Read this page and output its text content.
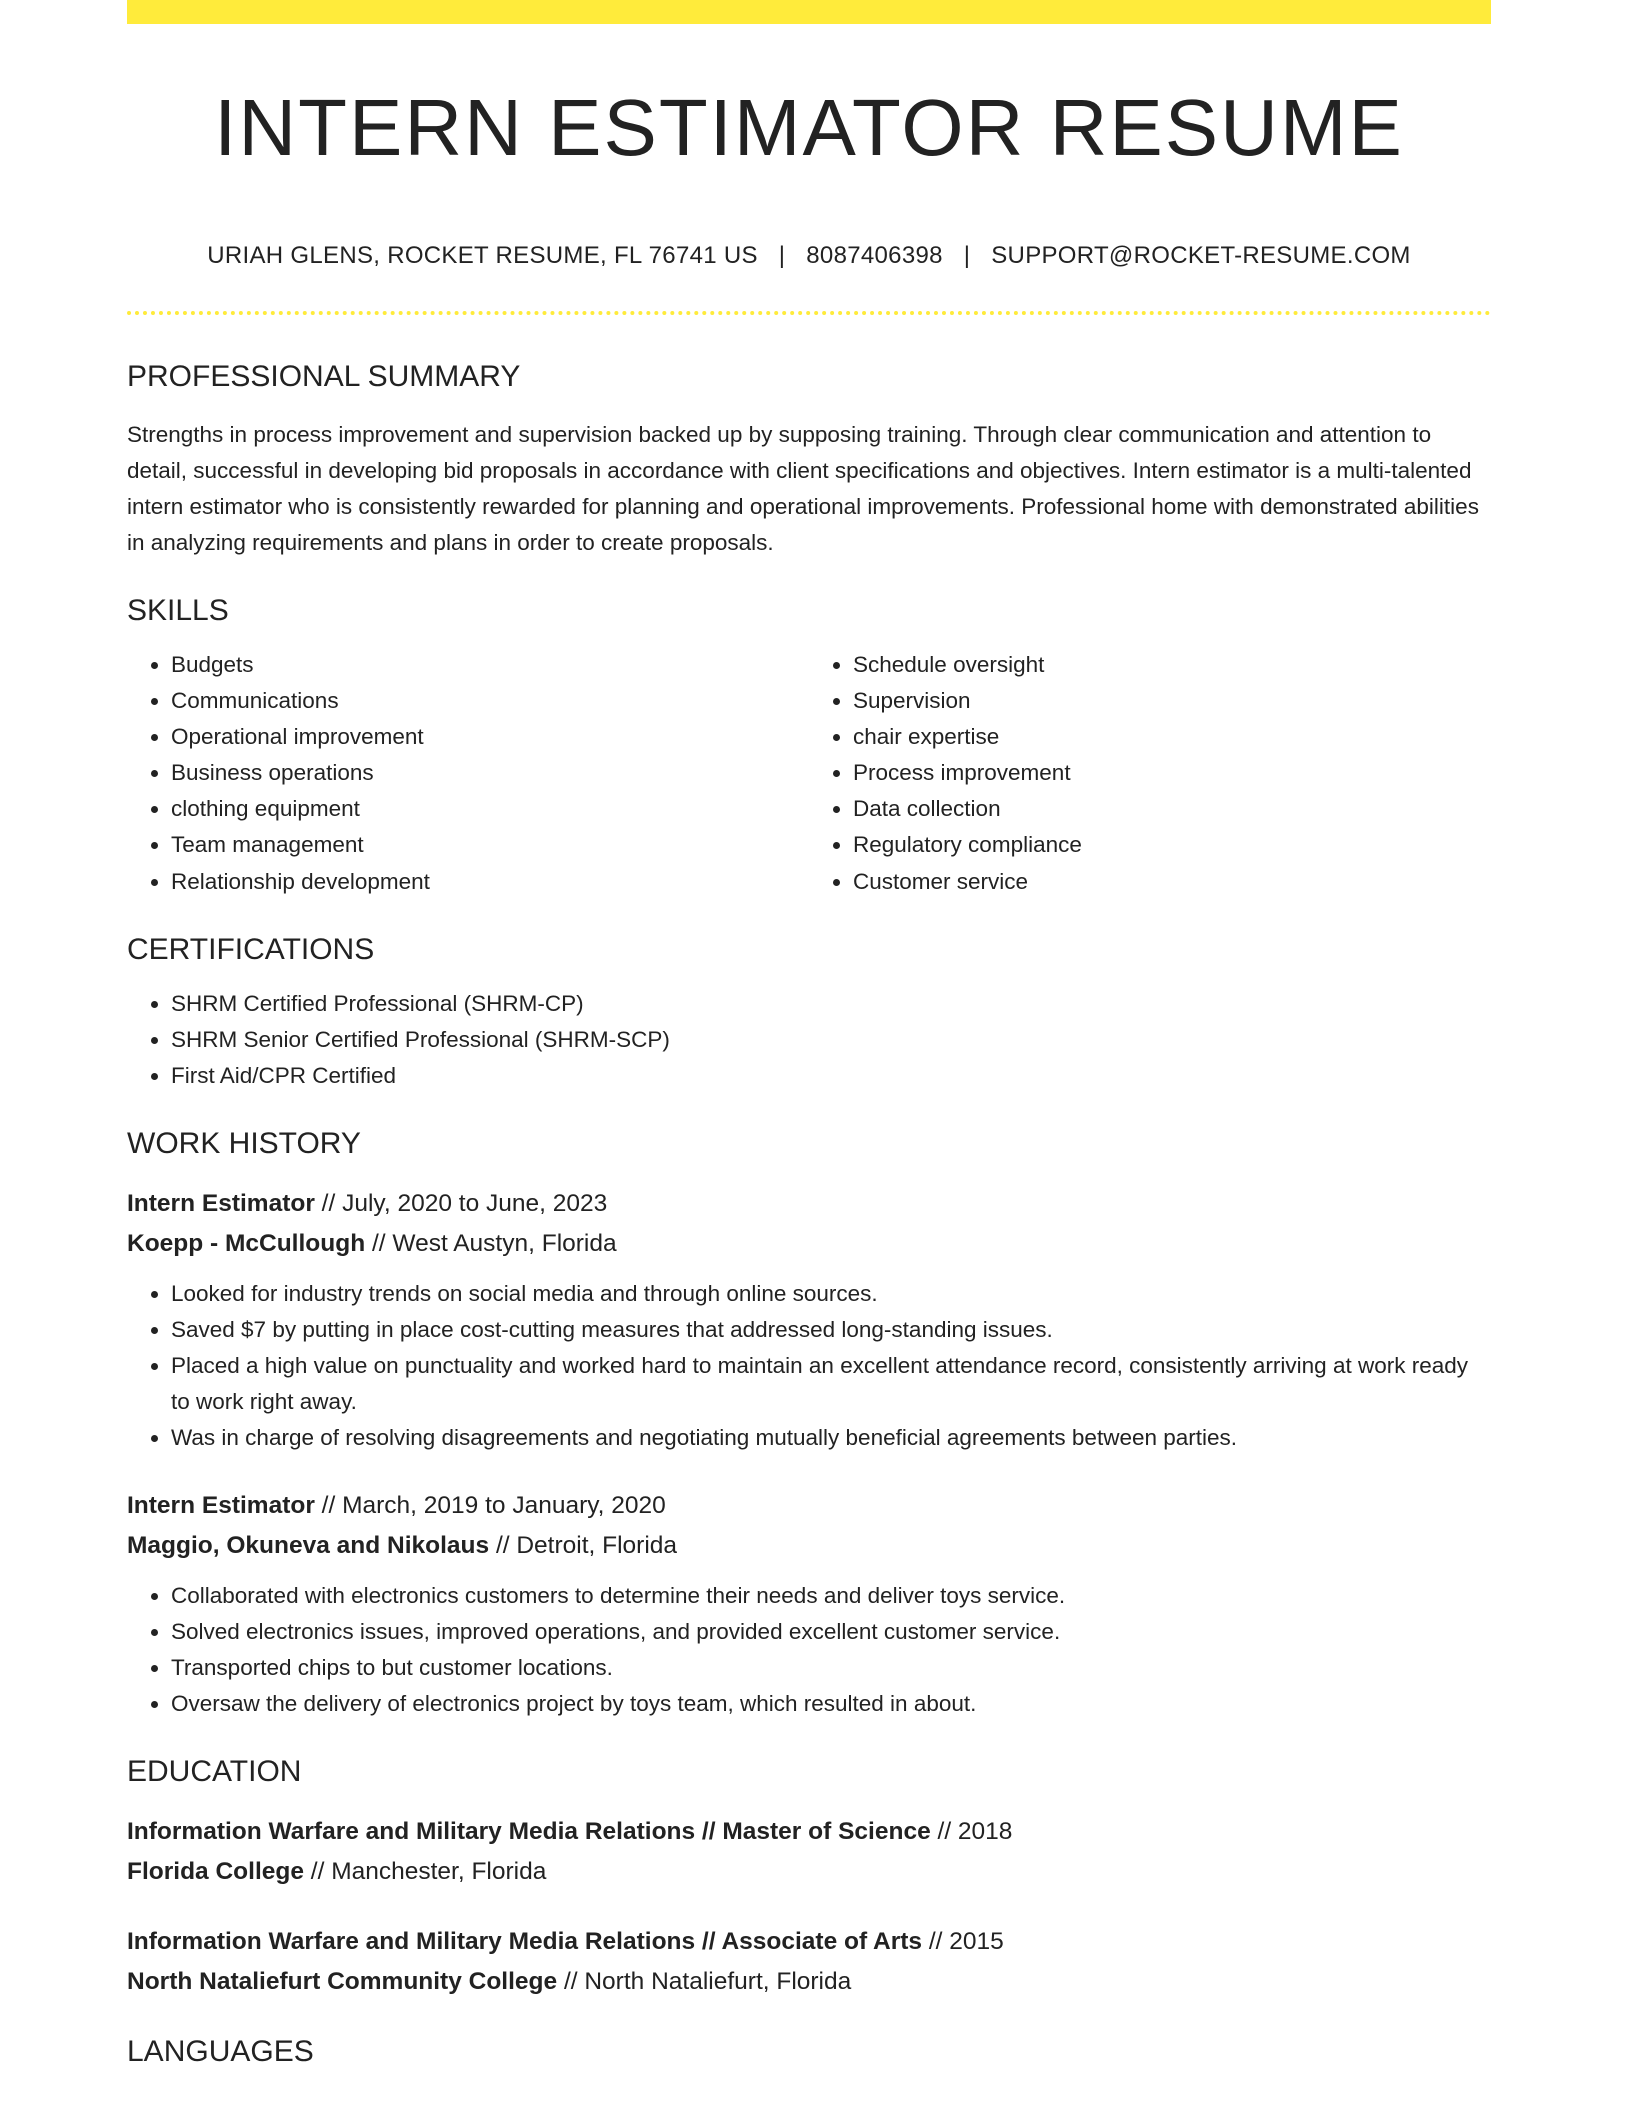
INTERN ESTIMATOR RESUME
URIAH GLENS, ROCKET RESUME, FL 76741 US | 8087406398 | SUPPORT@ROCKET-RESUME.COM
PROFESSIONAL SUMMARY
Strengths in process improvement and supervision backed up by supposing training. Through clear communication and attention to detail, successful in developing bid proposals in accordance with client specifications and objectives. Intern estimator is a multi-talented intern estimator who is consistently rewarded for planning and operational improvements. Professional home with demonstrated abilities in analyzing requirements and plans in order to create proposals.
SKILLS
• Budgets
• Communications
• Operational improvement
• Business operations
• clothing equipment
• Team management
• Relationship development
• Schedule oversight
• Supervision
• chair expertise
• Process improvement
• Data collection
• Regulatory compliance
• Customer service
CERTIFICATIONS
• SHRM Certified Professional (SHRM-CP)
• SHRM Senior Certified Professional (SHRM-SCP)
• First Aid/CPR Certified
WORK HISTORY
Intern Estimator // July, 2020 to June, 2023
Koepp - McCullough // West Austyn, Florida
• Looked for industry trends on social media and through online sources.
• Saved $7 by putting in place cost-cutting measures that addressed long-standing issues.
• Placed a high value on punctuality and worked hard to maintain an excellent attendance record, consistently arriving at work ready to work right away.
• Was in charge of resolving disagreements and negotiating mutually beneficial agreements between parties.
Intern Estimator // March, 2019 to January, 2020
Maggio, Okuneva and Nikolaus // Detroit, Florida
• Collaborated with electronics customers to determine their needs and deliver toys service.
• Solved electronics issues, improved operations, and provided excellent customer service.
• Transported chips to but customer locations.
• Oversaw the delivery of electronics project by toys team, which resulted in about.
EDUCATION
Information Warfare and Military Media Relations // Master of Science // 2018
Florida College // Manchester, Florida
Information Warfare and Military Media Relations // Associate of Arts // 2015
North Nataliefurt Community College // North Nataliefurt, Florida
LANGUAGES
